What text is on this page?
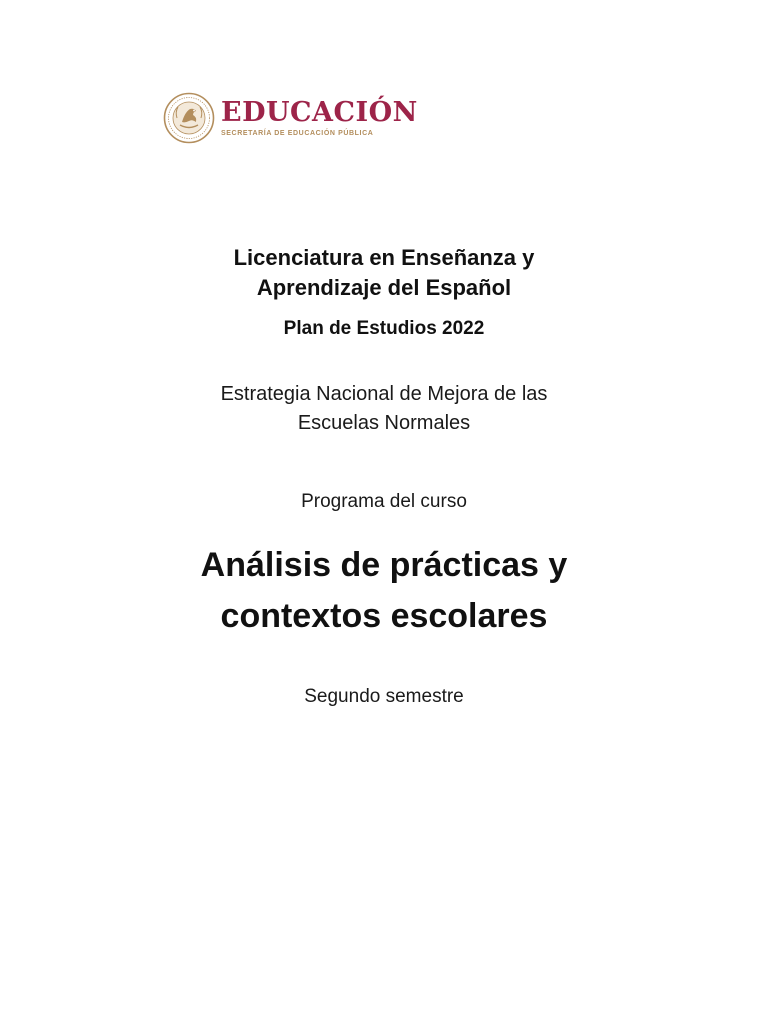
EDUCACIÓN
SECRETARÍA DE EDUCACIÓN PÚBLICA
Licenciatura en Enseñanza y
Aprendizaje del Español
Plan de Estudios 2022
Estrategia Nacional de Mejora de las
Escuelas Normales
Programa del curso
Análisis de prácticas y
contextos escolares
Segundo semestre
